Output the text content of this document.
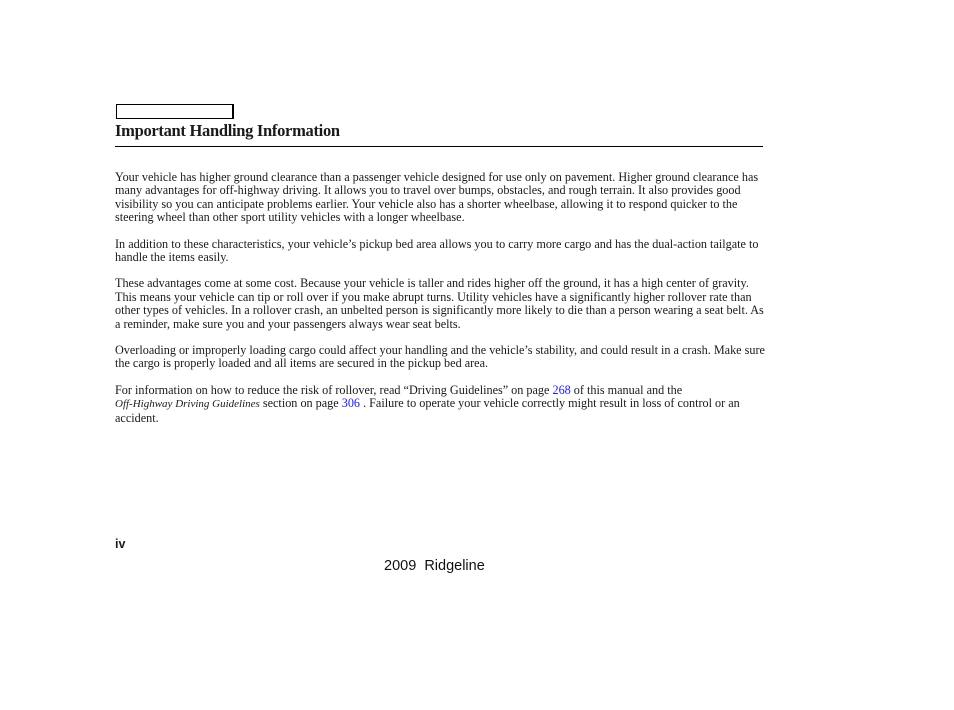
Important Handling Information

Your vehicle has higher ground clearance than a passenger vehicle designed for use only on pavement. Higher ground clearance has many advantages for off-highway driving. It allows you to travel over bumps, obstacles, and rough terrain. It also provides good visibility so you can anticipate problems earlier. Your vehicle also has a shorter wheelbase, allowing it to respond quicker to the steering wheel than other sport utility vehicles with a longer wheelbase.

In addition to these characteristics, your vehicle’s pickup bed area allows you to carry more cargo and has the dual-action tailgate to handle the items easily.

These advantages come at some cost. Because your vehicle is taller and rides higher off the ground, it has a high center of gravity. This means your vehicle can tip or roll over if you make abrupt turns. Utility vehicles have a significantly higher rollover rate than other types of vehicles. In a rollover crash, an unbelted person is significantly more likely to die than a person wearing a seat belt. As a reminder, make sure you and your passengers always wear seat belts.

Overloading or improperly loading cargo could affect your handling and the vehicle’s stability, and could result in a crash. Make sure the cargo is properly loaded and all items are secured in the pickup bed area.

For information on how to reduce the risk of rollover, read “Driving Guidelines” on page 268 of this manual and the
Off-Highway Driving Guidelines section on page 306 . Failure to operate your vehicle correctly might result in loss of control or an accident.

iv
2009  Ridgeline
